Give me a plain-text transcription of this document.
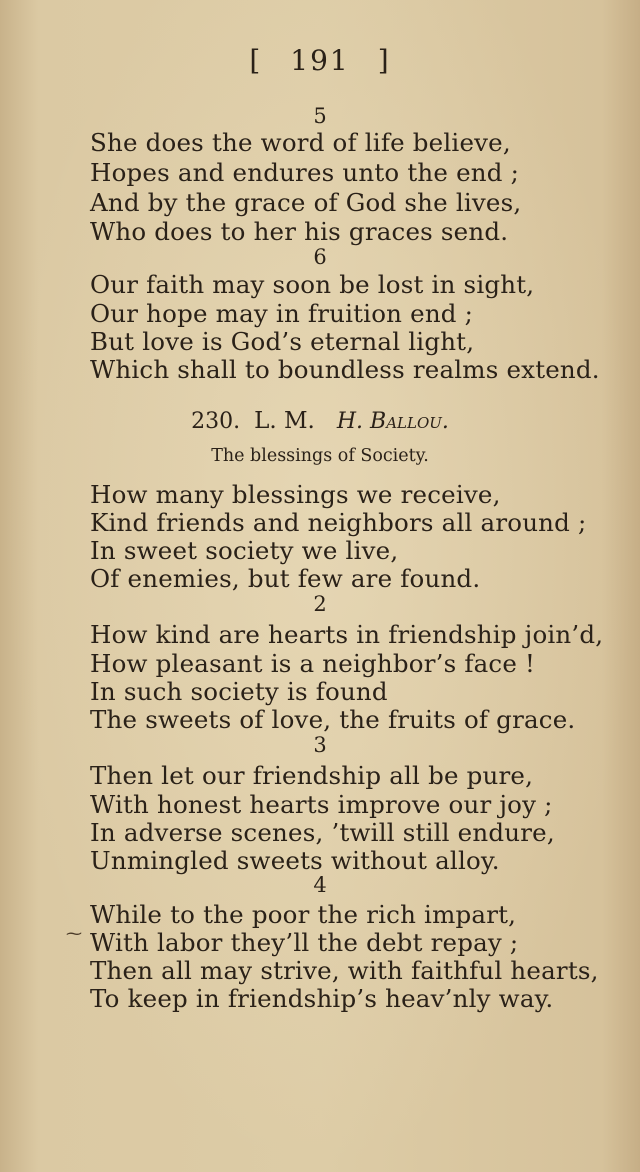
[ 191 ]
5
She does the word of life believe,
Hopes and endures unto the end ;
And by the grace of God she lives,
Who does to her his graces send.
6
Our faith may soon be lost in sight,
Our hope may in fruition end ;
But love is God’s eternal light,
Which shall to boundless realms extend.
230. L. M. H. Ballou.
The blessings of Society.
How many blessings we receive,
Kind friends and neighbors all around ;
In sweet society we live,
Of enemies, but few are found.
2
How kind are hearts in friendship join’d,
How pleasant is a neighbor’s face !
In such society is found
The sweets of love, the fruits of grace.
3
Then let our friendship all be pure,
With honest hearts improve our joy ;
In adverse scenes, ’twill still endure,
Unmingled sweets without alloy.
4
While to the poor the rich impart,
With labor they’ll the debt repay ;
Then all may strive, with faithful hearts,
To keep in friendship’s heav’nly way.
⁓
